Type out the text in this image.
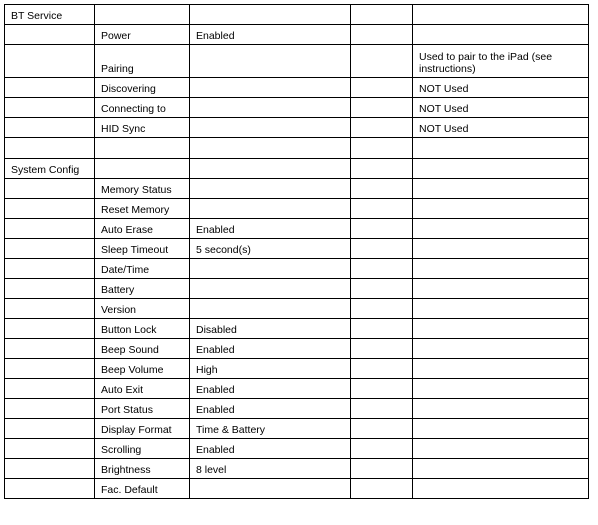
BT Service				
	Power	Enabled		
	Pairing			Used to pair to the iPad (see instructions)
	Discovering			NOT Used
	Connecting to			NOT Used
	HID Sync			NOT Used

System Config				
	Memory Status			
	Reset Memory			
	Auto Erase	Enabled		
	Sleep Timeout	5 second(s)		
	Date/Time			
	Battery			
	Version			
	Button Lock	Disabled		
	Beep Sound	Enabled		
	Beep Volume	High		
	Auto Exit	Enabled		
	Port Status	Enabled		
	Display Format	Time & Battery		
	Scrolling	Enabled		
	Brightness	8 level		
	Fac. Default			
